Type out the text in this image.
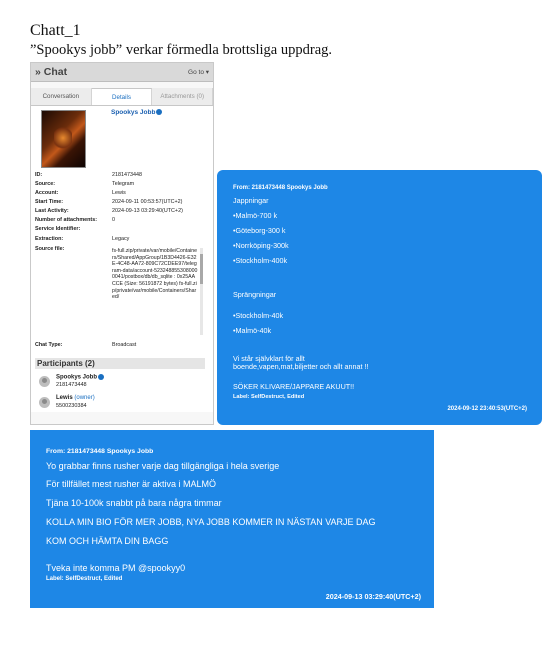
Chatt_1
”Spookys jobb” verkar förmedla brottsliga uppdrag.
» Chat	Go to ▾
Conversation	Details	Attachments (0)
Spookys Jobb
ID:	2181473448
Source:	Telegram
Account:	Lewis
Start Time:	2024-09-11 00:53:57(UTC+2)
Last Activity:	2024-09-13 03:29:40(UTC+2)
Number of attachments:	0
Service Identifier:
Extraction:	Legacy
Source file:	fs-full.zip/private/var/mobile/Containers/Shared/AppGroup/1B3D4426-E32E-4C48-AA72-809C72CDEE97/telegram-data/account-5232488553080000041/postbox/db/db_sqlite : 0x25AACCE (Size: 56191872 bytes) fs-full.zip/private/var/mobile/Containers/Shared/
Chat Type:	Broadcast
Participants (2)
Spookys Jobb
2181473448
Lewis (owner)
5500230384
From: 2181473448 Spookys Jobb
Jappningar
•Malmö-700 k
•Göteborg-300 k
•Norrköping-300k
•Stockholm-400k
Sprängningar
•Stockholm-40k
•Malmö-40k
Vi står självklart för allt
boende,vapen,mat,biljetter och allt annat !!
SÖKER KLIVARE/JAPPARE AKUUT!!
Label: SelfDestruct, Edited
2024-09-12 23:40:53(UTC+2)
From: 2181473448 Spookys Jobb
Yo grabbar finns rusher varje dag tillgängliga i hela sverige
För tillfället mest rusher är aktiva i MALMÖ
Tjäna 10-100k snabbt på bara några timmar
KOLLA MIN BIO FÖR MER JOBB, NYA JOBB KOMMER IN NÄSTAN VARJE DAG
KOM OCH HÄMTA DIN BAGG
Tveka inte komma PM @spookyy0
Label: SelfDestruct, Edited
2024-09-13 03:29:40(UTC+2)
